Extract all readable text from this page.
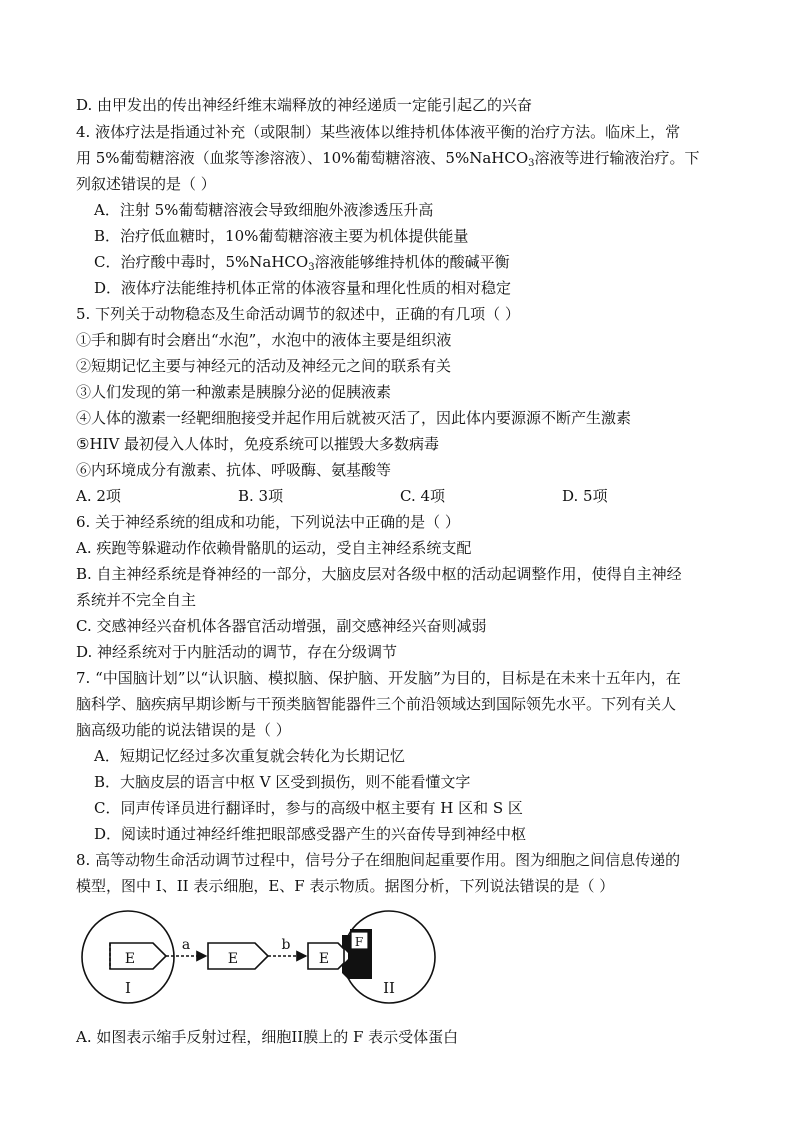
D. 由甲发出的传出神经纤维末端释放的神经递质一定能引起乙的兴奋
4. 液体疗法是指通过补充（或限制）某些液体以维持机体体液平衡的治疗方法。临床上，常
用 5%葡萄糖溶液（血浆等渗溶液）、10%葡萄糖溶液、5%NaHCO$_3$溶液等进行输液治疗。下
列叙述错误的是（ ）
A．注射 5%葡萄糖溶液会导致细胞外液渗透压升高
B．治疗低血糖时，10%葡萄糖溶液主要为机体提供能量
C．治疗酸中毒时，5%NaHCO$_3$溶液能够维持机体的酸碱平衡
D．液体疗法能维持机体正常的体液容量和理化性质的相对稳定
5. 下列关于动物稳态及生命活动调节的叙述中，正确的有几项（ ）
①手和脚有时会磨出“水泡”，水泡中的液体主要是组织液
②短期记忆主要与神经元的活动及神经元之间的联系有关
③人们发现的第一种激素是胰腺分泌的促胰液素
④人体的激素一经靶细胞接受并起作用后就被灭活了，因此体内要源源不断产生激素
⑤HIV 最初侵入人体时，免疫系统可以摧毁大多数病毒
⑥内环境成分有激素、抗体、呼吸酶、氨基酸等
A. 2项	B. 3项	C. 4项	D. 5项
6. 关于神经系统的组成和功能，下列说法中正确的是（ ）
A. 疾跑等躲避动作依赖骨骼肌的运动，受自主神经系统支配
B. 自主神经系统是脊神经的一部分，大脑皮层对各级中枢的活动起调整作用，使得自主神经
系统并不完全自主
C. 交感神经兴奋机体各器官活动增强，副交感神经兴奋则减弱
D. 神经系统对于内脏活动的调节，存在分级调节
7. “中国脑计划”以“认识脑、模拟脑、保护脑、开发脑”为目的，目标是在未来十五年内，在
脑科学、脑疾病早期诊断与干预类脑智能器件三个前沿领域达到国际领先水平。下列有关人
脑高级功能的说法错误的是（ ）
A．短期记忆经过多次重复就会转化为长期记忆
B．大脑皮层的语言中枢 V 区受到损伤，则不能看懂文字
C．同声传译员进行翻译时，参与的高级中枢主要有 H 区和 S 区
D．阅读时通过神经纤维把眼部感受器产生的兴奋传导到神经中枢
8. 高等动物生命活动调节过程中，信号分子在细胞间起重要作用。图为细胞之间信息传递的
模型，图中 I、II 表示细胞，E、F 表示物质。据图分析，下列说法错误的是（ ）
E	E	E
F
a	b
I	II
A. 如图表示缩手反射过程，细胞II膜上的 F 表示受体蛋白
